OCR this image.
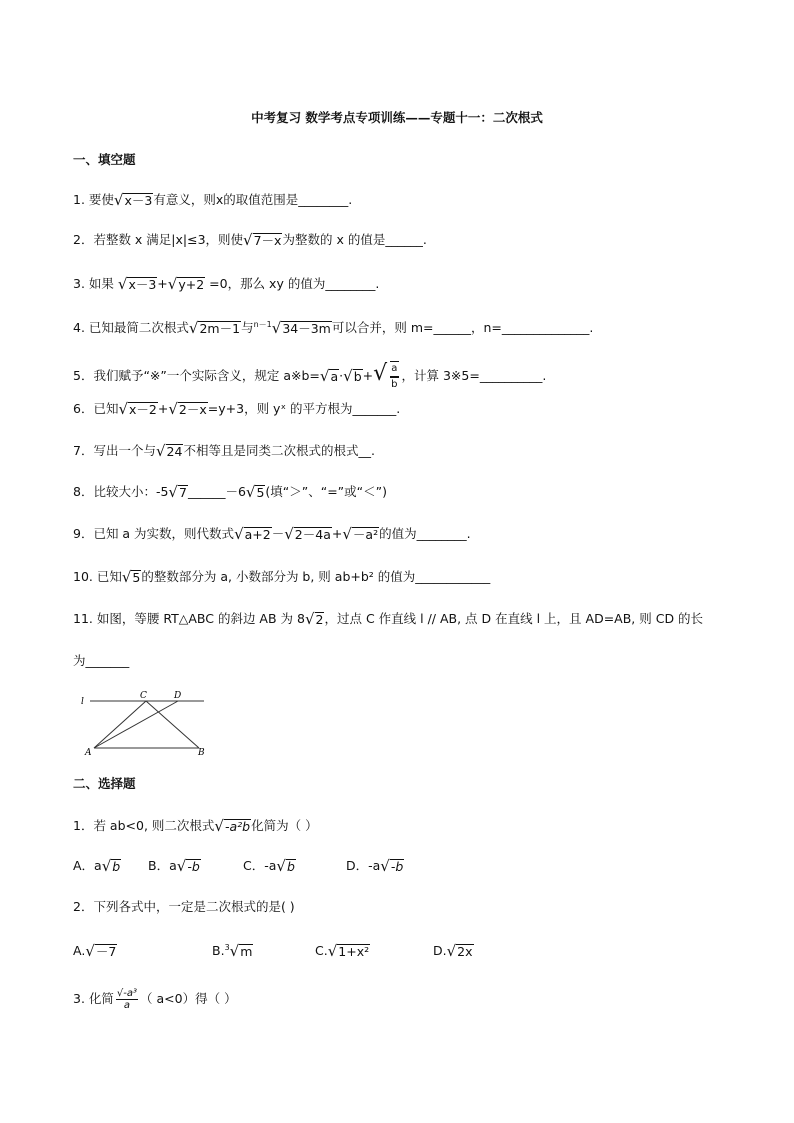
中考复习 数学考点专项训练——专题十一：二次根式
一、填空题
1. 要使√x－3有意义，则x的取值范围是________.
2．若整数 x 满足|x|≤3，则使√7－x为整数的 x 的值是______.
3. 如果 √x－3+√y+2 =0，那么 xy 的值为________.
4. 已知最简二次根式√2m－1与$^{n-1}$√34－3m可以合并，则 m=______，n=______________.
5．我们赋予“※”一个实际含义，规定 a※b=√a·√b+√ $\frac{a}{b}$ ，计算 3※5=__________.
6．已知√x－2+√2－x=y+3，则 yˣ 的平方根为_______.
7．写出一个与√24不相等且是同类二次根式的根式__.
8．比较大小：-5√7______－6√5(填“＞”、“=”或“＜”)
9．已知 a 为实数，则代数式√a+2－√2－4a+√－a²的值为________.
10. 已知√5的整数部分为 a, 小数部分为 b, 则 ab+b² 的值为____________
11. 如图，等腰 RT△ABC 的斜边 AB 为 8√2，过点 C 作直线 l // AB, 点 D 在直线 l 上，且 AD=AB, 则 CD 的长
为_______
l
C	D
A	B
二、选择题
1．若 ab<0, 则二次根式√-a²b化简为（ ）
A．a√b B．a√-b	C．-a√b	D．-a√-b
2．下列各式中，一定是二次根式的是( )
A.√－7	B.$^3$√m	C.√1+x²	D.√2x
3. 化简 $\frac{\text{√-a³}}{a}$ （ a<0）得（ ）
